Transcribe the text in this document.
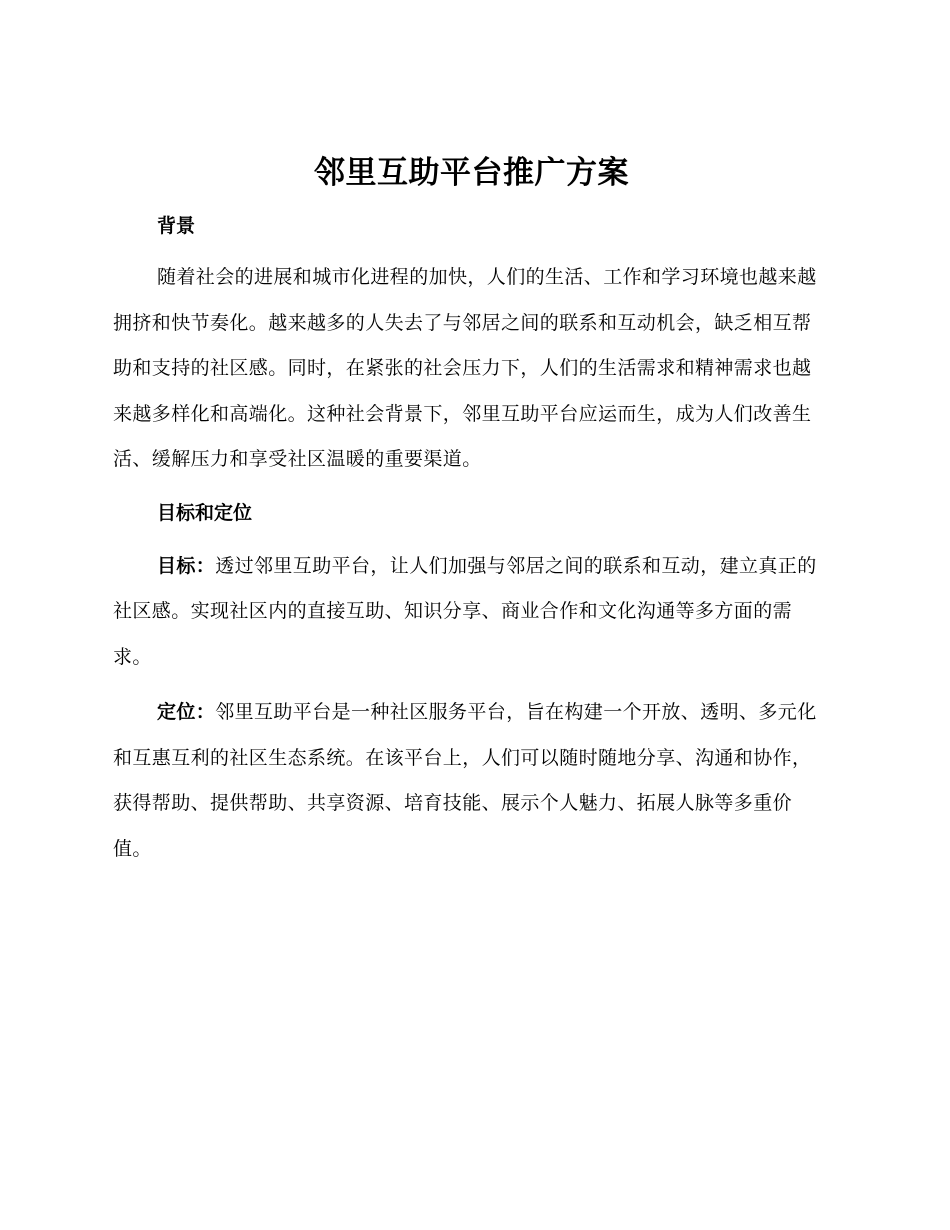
邻里互助平台推广方案
背景

随着社会的进展和城市化进程的加快，人们的生活、工作和学习环境也越来越拥挤和快节奏化。越来越多的人失去了与邻居之间的联系和互动机会，缺乏相互帮助和支持的社区感。同时，在紧张的社会压力下，人们的生活需求和精神需求也越来越多样化和高端化。这种社会背景下，邻里互助平台应运而生，成为人们改善生活、缓解压力和享受社区温暖的重要渠道。

目标和定位

目标：透过邻里互助平台，让人们加强与邻居之间的联系和互动，建立真正的社区感。实现社区内的直接互助、知识分享、商业合作和文化沟通等多方面的需求。

定位：邻里互助平台是一种社区服务平台，旨在构建一个开放、透明、多元化和互惠互利的社区生态系统。在该平台上，人们可以随时随地分享、沟通和协作，获得帮助、提供帮助、共享资源、培育技能、展示个人魅力、拓展人脉等多重价值。
